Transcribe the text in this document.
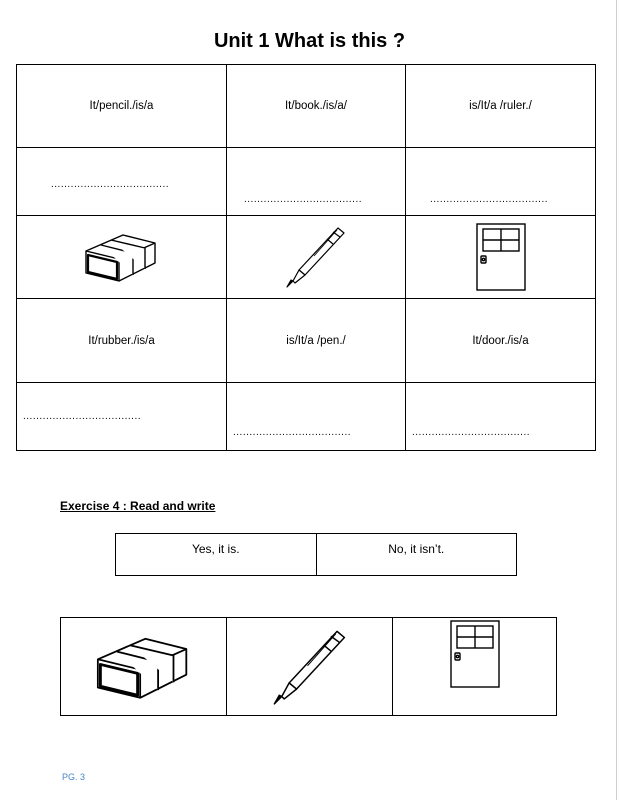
Unit 1 What is this ?
It/pencil./is/a	It/book./is/a/	is/It/a /ruler./

....................................	....................................	....................................

It/rubber./is/a	is/It/a /pen./	It/door./is/a

....................................	....................................	....................................
Exercise 4 : Read and write
Yes, it is.	No, it isn’t.

PG. 3
